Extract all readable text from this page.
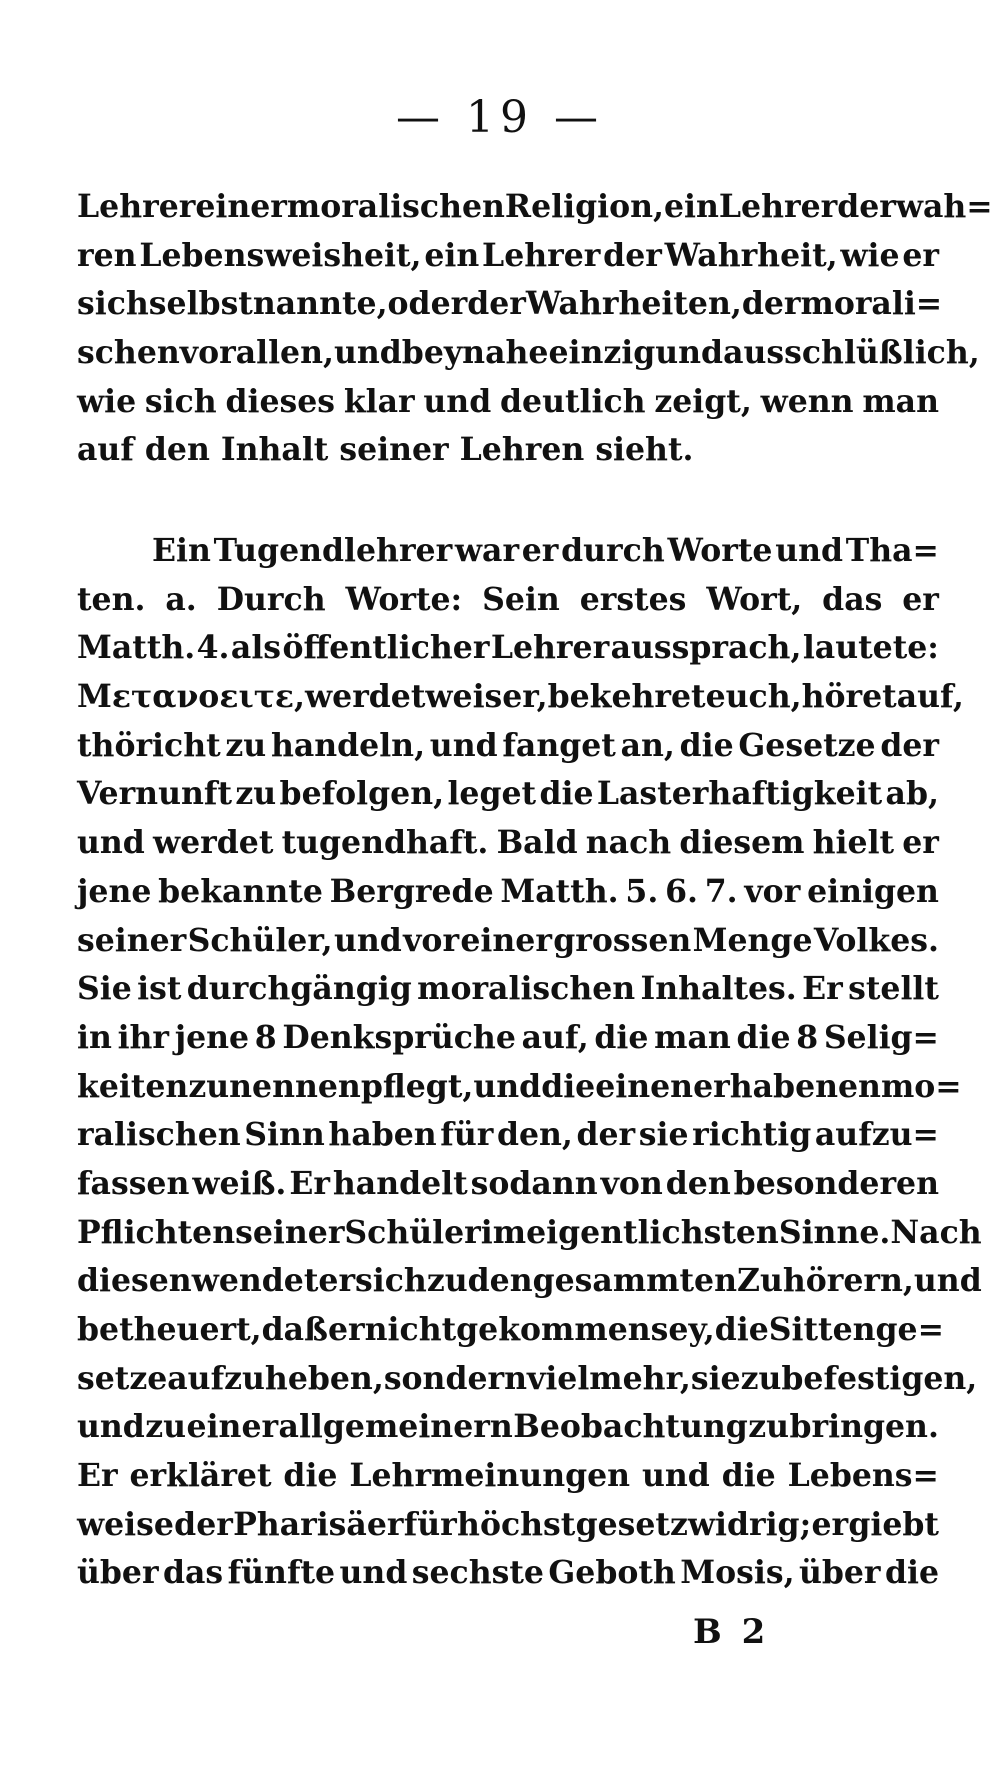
— 19 —
Lehrer einer moralischen Religion, ein Lehrer der wah=
ren Lebensweisheit, ein Lehrer der Wahrheit, wie er
sich selbst nannte, oder der Wahrheiten, der morali=
schen vor allen, und beynahe einzig und ausschlüßlich,
wie sich dieses klar und deutlich zeigt, wenn man
auf den Inhalt seiner Lehren sieht.
Ein Tugendlehrer war er durch Worte und Tha=
ten. a. Durch Worte: Sein erstes Wort, das er
Matth. 4. als öffentlicher Lehrer aussprach, lautete:
Μετανοειτε, werdet weiser, bekehret euch, höret auf,
thöricht zu handeln, und fanget an, die Gesetze der
Vernunft zu befolgen, leget die Lasterhaftigkeit ab,
und werdet tugendhaft. Bald nach diesem hielt er
jene bekannte Bergrede Matth. 5. 6. 7. vor einigen
seiner Schüler, und vor einer grossen Menge Volkes.
Sie ist durchgängig moralischen Inhaltes. Er stellt
in ihr jene 8 Denksprüche auf, die man die 8 Selig=
keiten zu nennen pflegt, und die einen erhabenen mo=
ralischen Sinn haben für den, der sie richtig aufzu=
fassen weiß. Er handelt sodann von den besonderen
Pflichten seiner Schüler im eigentlichsten Sinne. Nach
diesen wendet er sich zu den gesammten Zuhörern, und
betheuert, daß er nicht gekommen sey, die Sittenge=
setze aufzuheben, sondern vielmehr, sie zu befestigen,
und zu einer allgemeinern Beobachtung zu bringen.
Er erkläret die Lehrmeinungen und die Lebens=
weise der Pharisäer für höchst gesetzwidrig; er giebt
über das fünfte und sechste Geboth Mosis, über die
B 2
